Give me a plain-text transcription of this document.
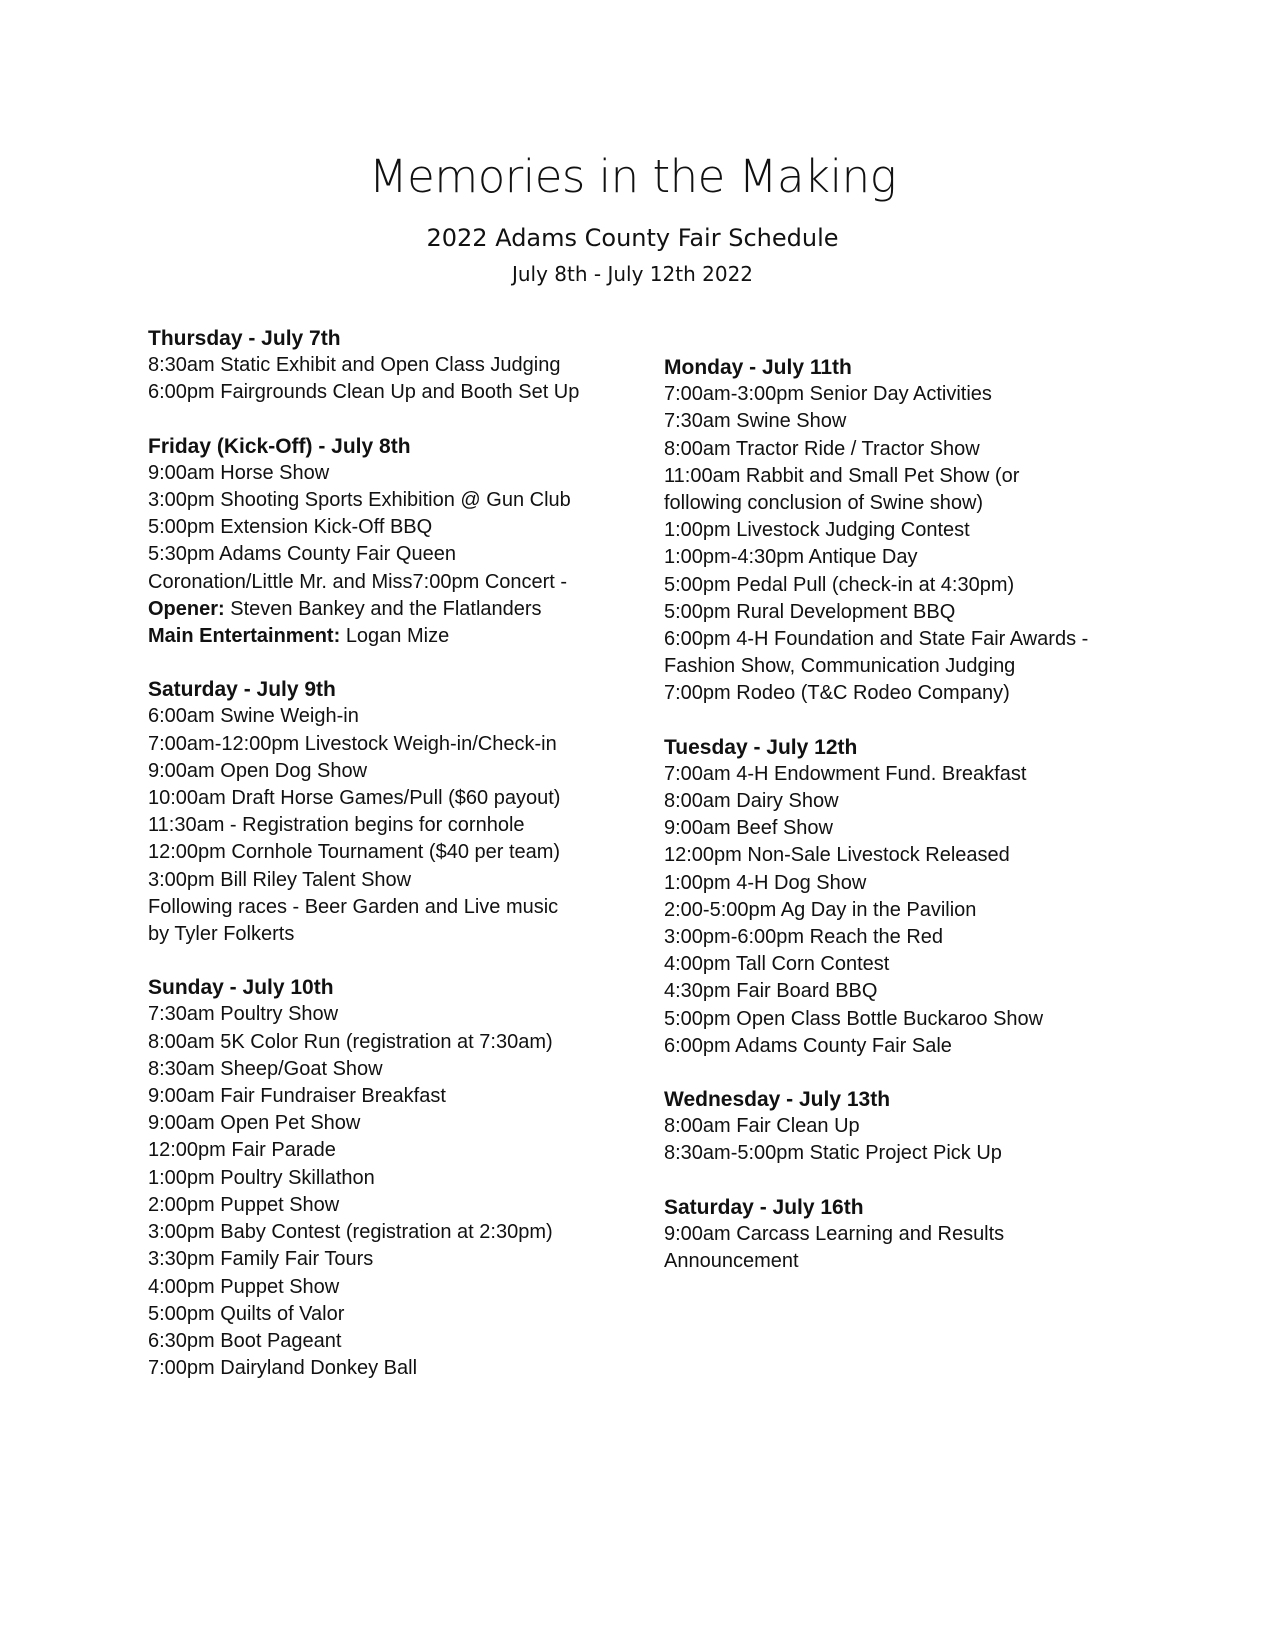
Memories in the Making
2022 Adams County Fair Schedule
July 8th - July 12th 2022
Thursday - July 7th
8:30am Static Exhibit and Open Class Judging
6:00pm Fairgrounds Clean Up and Booth Set Up
Friday (Kick-Off) - July 8th
9:00am Horse Show
3:00pm Shooting Sports Exhibition @ Gun Club
5:00pm Extension Kick-Off BBQ
5:30pm Adams County Fair Queen
Coronation/Little Mr. and Miss7:00pm Concert -
Opener: Steven Bankey and the Flatlanders
Main Entertainment: Logan Mize
Saturday - July 9th
6:00am Swine Weigh-in
7:00am-12:00pm Livestock Weigh-in/Check-in
9:00am Open Dog Show
10:00am Draft Horse Games/Pull ($60 payout)
11:30am - Registration begins for cornhole
12:00pm Cornhole Tournament ($40 per team)
3:00pm Bill Riley Talent Show
Following races - Beer Garden and Live music
by Tyler Folkerts
Sunday - July 10th
7:30am Poultry Show
8:00am 5K Color Run (registration at 7:30am)
8:30am Sheep/Goat Show
9:00am Fair Fundraiser Breakfast
9:00am Open Pet Show
12:00pm Fair Parade
1:00pm Poultry Skillathon
2:00pm Puppet Show
3:00pm Baby Contest (registration at 2:30pm)
3:30pm Family Fair Tours
4:00pm Puppet Show
5:00pm Quilts of Valor
6:30pm Boot Pageant
7:00pm Dairyland Donkey Ball
Monday - July 11th
7:00am-3:00pm Senior Day Activities
7:30am Swine Show
8:00am Tractor Ride / Tractor Show
11:00am Rabbit and Small Pet Show (or
following conclusion of Swine show)
1:00pm Livestock Judging Contest
1:00pm-4:30pm Antique Day
5:00pm Pedal Pull (check-in at 4:30pm)
5:00pm Rural Development BBQ
6:00pm 4-H Foundation and State Fair Awards -
Fashion Show, Communication Judging
7:00pm Rodeo (T&C Rodeo Company)
Tuesday - July 12th
7:00am 4-H Endowment Fund. Breakfast
8:00am Dairy Show
9:00am Beef Show
12:00pm Non-Sale Livestock Released
1:00pm 4-H Dog Show
2:00-5:00pm Ag Day in the Pavilion
3:00pm-6:00pm Reach the Red
4:00pm Tall Corn Contest
4:30pm Fair Board BBQ
5:00pm Open Class Bottle Buckaroo Show
6:00pm Adams County Fair Sale
Wednesday - July 13th
8:00am Fair Clean Up
8:30am-5:00pm Static Project Pick Up
Saturday - July 16th
9:00am Carcass Learning and Results
Announcement
